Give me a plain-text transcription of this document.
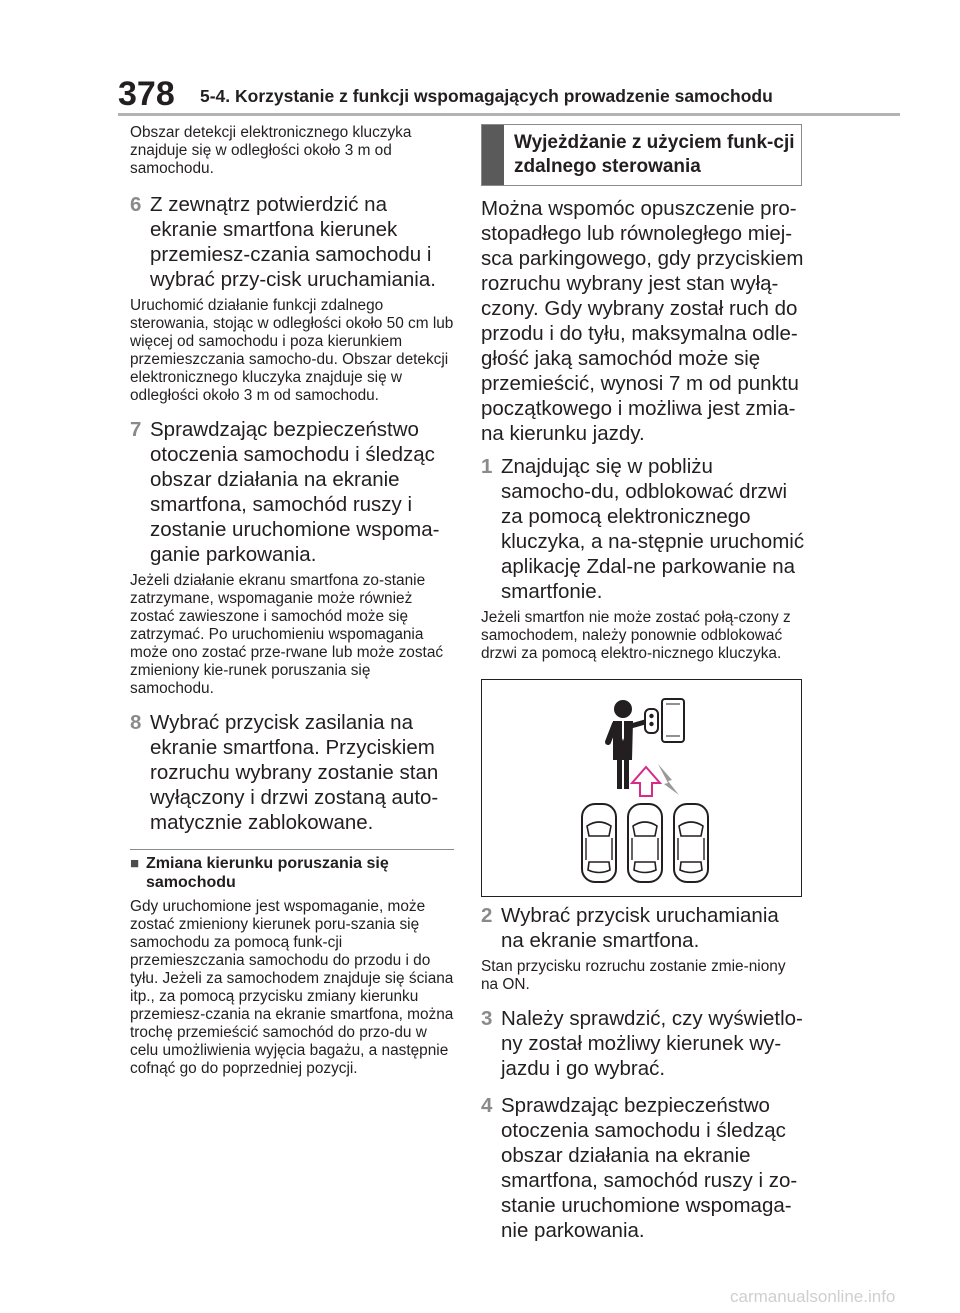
378 5-4. Korzystanie z funkcji wspomagających prowadzenie samochodu

Obszar detekcji elektronicznego kluczyka znajduje się w odległości około 3 m od samochodu.

6 Z zewnątrz potwierdzić na ekranie smartfona kierunek przemiesz-czania samochodu i wybrać przy-cisk uruchamiania.

Uruchomić działanie funkcji zdalnego sterowania, stojąc w odległości około 50 cm lub więcej od samochodu i poza kierunkiem przemieszczania samocho-du. Obszar detekcji elektronicznego kluczyka znajduje się w odległości około 3 m od samochodu.

7 Sprawdzając bezpieczeństwo otoczenia samochodu i śledząc obszar działania na ekranie smartfona, samochód ruszy i zostanie uruchomione wspoma-ganie parkowania.

Jeżeli działanie ekranu smartfona zo-stanie zatrzymane, wspomaganie może również zostać zawieszone i samochód może się zatrzymać. Po uruchomieniu wspomagania może ono zostać prze-rwane lub może zostać zmieniony kie-runek poruszania się samochodu.

8 Wybrać przycisk zasilania na ekranie smartfona. Przyciskiem rozruchu wybrany zostanie stan wyłączony i drzwi zostaną auto-matycznie zablokowane.
■ Zmiana kierunku poruszania się samochodu

Gdy uruchomione jest wspomaganie, może zostać zmieniony kierunek poru-szania się samochodu za pomocą funk-cji przemieszczania samochodu do przodu i do tyłu. Jeżeli za samochodem znajduje się ściana itp., za pomocą przycisku zmiany kierunku przemiesz-czania na ekranie smartfona, można trochę przemieścić samochód do przo-du w celu umożliwienia wyjęcia bagażu, a następnie cofnąć go do poprzedniej pozycji.

Wyjeżdżanie z użyciem funk-cji zdalnego sterowania

Można wspomóc opuszczenie pro-stopadłego lub równoległego miej-sca parkingowego, gdy przyciskiem rozruchu wybrany jest stan wyłą-czony. Gdy wybrany został ruch do przodu i do tyłu, maksymalna odle-głość jaką samochód może się przemieścić, wynosi 7 m od punktu początkowego i możliwa jest zmia-na kierunku jazdy.

1 Znajdując się w pobliżu samocho-du, odblokować drzwi za pomocą elektronicznego kluczyka, a na-stępnie uruchomić aplikację Zdal-ne parkowanie na smartfonie.

Jeżeli smartfon nie może zostać połą-czony z samochodem, należy ponownie odblokować drzwi za pomocą elektro-nicznego kluczyka.

2 Wybrać przycisk uruchamiania na ekranie smartfona.

Stan przycisku rozruchu zostanie zmie-niony na ON.

3 Należy sprawdzić, czy wyświetlo-ny został możliwy kierunek wy-jazdu i go wybrać.
4 Sprawdzając bezpieczeństwo otoczenia samochodu i śledząc obszar działania na ekranie smartfona, samochód ruszy i zo-stanie uruchomione wspomaga-nie parkowania.
carmanualsonline.info
